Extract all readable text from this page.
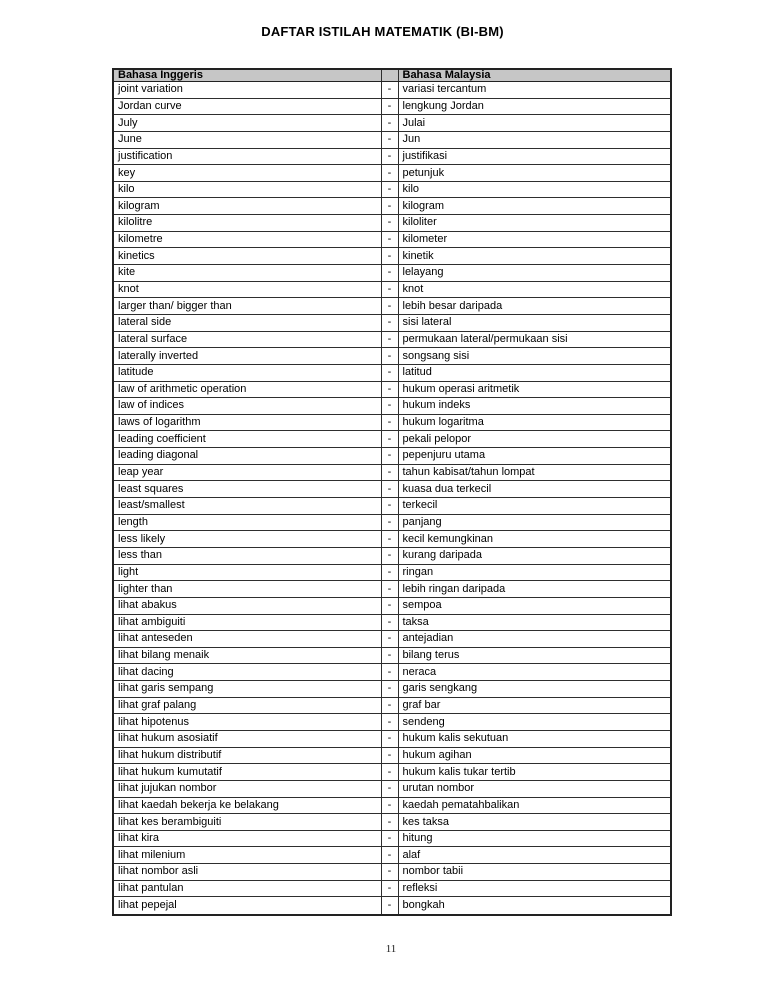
DAFTAR ISTILAH MATEMATIK (BI-BM)
Bahasa Inggeris		Bahasa Malaysia
joint variation	-	variasi tercantum
Jordan curve	-	lengkung Jordan
July	-	Julai
June	-	Jun
justification	-	justifikasi
key	-	petunjuk
kilo	-	kilo
kilogram	-	kilogram
kilolitre	-	kiloliter
kilometre	-	kilometer
kinetics	-	kinetik
kite	-	lelayang
knot	-	knot
larger than/ bigger than	-	lebih besar daripada
lateral side	-	sisi lateral
lateral surface	-	permukaan lateral/permukaan sisi
laterally inverted	-	songsang sisi
latitude	-	latitud
law of arithmetic operation	-	hukum operasi aritmetik
law of indices	-	hukum indeks
laws of logarithm	-	hukum logaritma
leading coefficient	-	pekali pelopor
leading diagonal	-	pepenjuru utama
leap year	-	tahun kabisat/tahun lompat
least squares	-	kuasa dua terkecil
least/smallest	-	terkecil
length	-	panjang
less likely	-	kecil kemungkinan
less than	-	kurang daripada
light	-	ringan
lighter than	-	lebih ringan daripada
lihat abakus	-	sempoa
lihat ambiguiti	-	taksa
lihat anteseden	-	antejadian
lihat bilang menaik	-	bilang terus
lihat dacing	-	neraca
lihat garis sempang	-	garis sengkang
lihat graf palang	-	graf bar
lihat hipotenus	-	sendeng
lihat hukum asosiatif	-	hukum kalis sekutuan
lihat hukum distributif	-	hukum agihan
lihat hukum kumutatif	-	hukum kalis tukar tertib
lihat jujukan nombor	-	urutan nombor
lihat kaedah bekerja ke belakang	-	kaedah pematahbalikan
lihat kes berambiguiti	-	kes taksa
lihat kira	-	hitung
lihat milenium	-	alaf
lihat nombor asli	-	nombor tabii
lihat pantulan	-	refleksi
lihat pepejal	-	bongkah
11
